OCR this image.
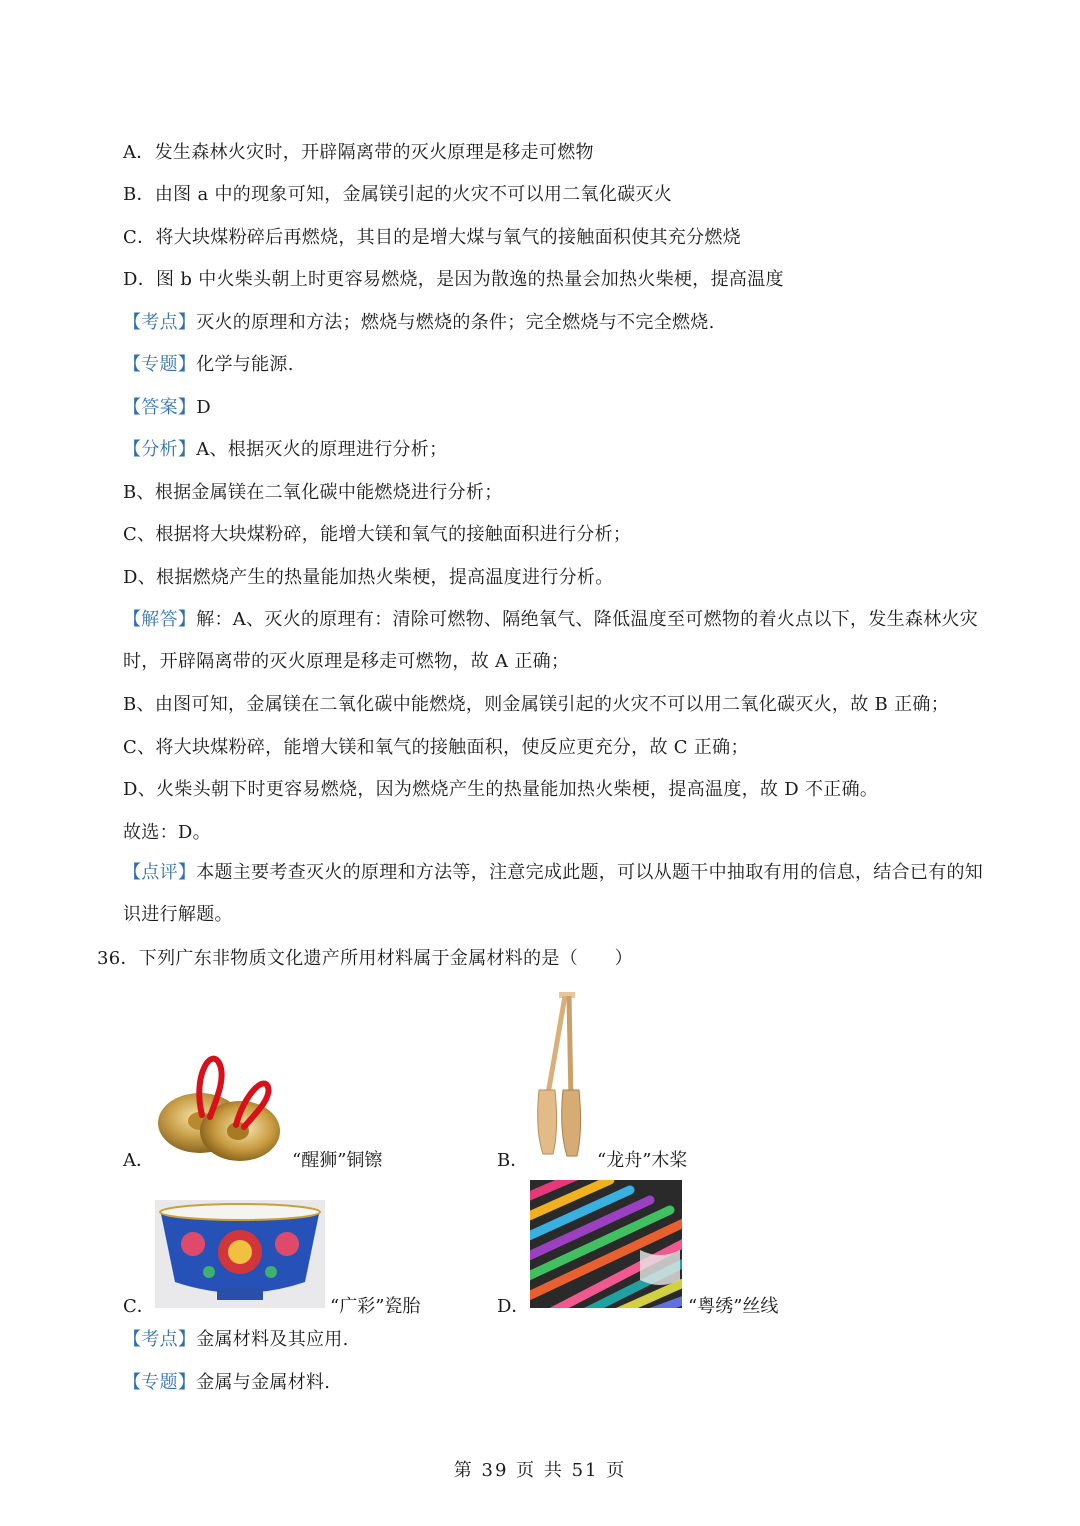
A．发生森林火灾时，开辟隔离带的灭火原理是移走可燃物
B．由图 a 中的现象可知，金属镁引起的火灾不可以用二氧化碳灭火
C．将大块煤粉碎后再燃烧，其目的是增大煤与氧气的接触面积使其充分燃烧
D．图 b 中火柴头朝上时更容易燃烧，是因为散逸的热量会加热火柴梗，提高温度
【考点】灭火的原理和方法；燃烧与燃烧的条件；完全燃烧与不完全燃烧.
【专题】化学与能源.
【答案】D
【分析】A、根据灭火的原理进行分析；
B、根据金属镁在二氧化碳中能燃烧进行分析；
C、根据将大块煤粉碎，能增大镁和氧气的接触面积进行分析；
D、根据燃烧产生的热量能加热火柴梗，提高温度进行分析。
【解答】解：A、灭火的原理有：清除可燃物、隔绝氧气、降低温度至可燃物的着火点以下，发生森林火灾时，开辟隔离带的灭火原理是移走可燃物，故 A 正确；
B、由图可知，金属镁在二氧化碳中能燃烧，则金属镁引起的火灾不可以用二氧化碳灭火，故 B 正确；
C、将大块煤粉碎，能增大镁和氧气的接触面积，使反应更充分，故 C 正确；
D、火柴头朝下时更容易燃烧，因为燃烧产生的热量能加热火柴梗，提高温度，故 D 不正确。
故选：D。
【点评】本题主要考查灭火的原理和方法等，注意完成此题，可以从题干中抽取有用的信息，结合已有的知识进行解题。
36．下列广东非物质文化遗产所用材料属于金属材料的是（　　）
A．	“醒狮”铜镲	B．	“龙舟”木桨
C．	“广彩”瓷胎	D．	“粤绣”丝线
【考点】金属材料及其应用.
【专题】金属与金属材料.
第 39 页 共 51 页
